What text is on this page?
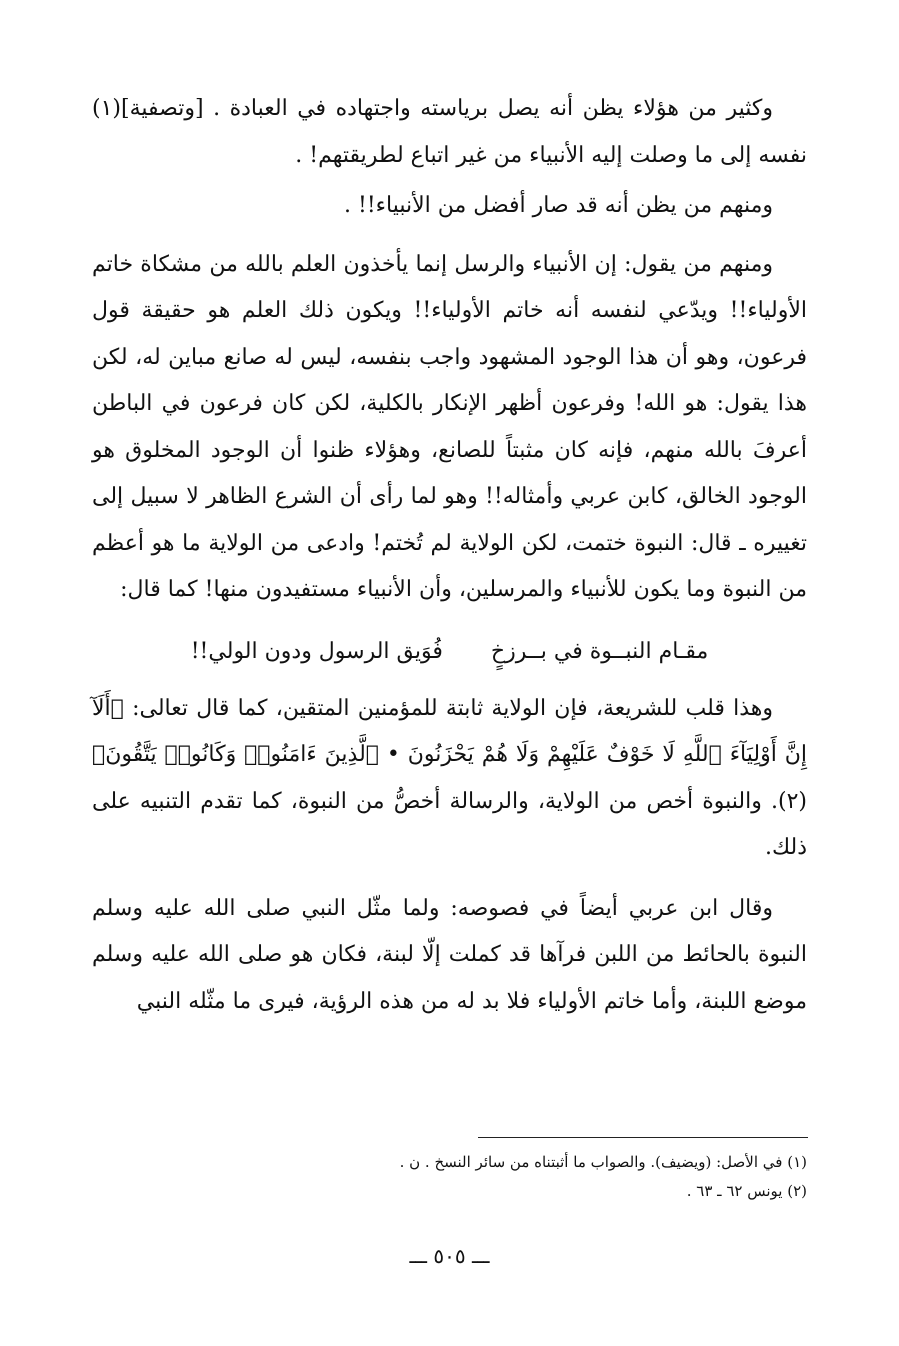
وكثير من هؤلاء يظن أنه يصل برياسته واجتهاده في العبادة . [وتصفية](١) نفسه إلى ما وصلت إليه الأنبياء من غير اتباع لطريقتهم! .

ومنهم من يظن أنه قد صار أفضل من الأنبياء!! .

ومنهم من يقول: إن الأنبياء والرسل إنما يأخذون العلم بالله من مشكاة خاتم الأولياء!! ويدّعي لنفسه أنه خاتم الأولياء!! ويكون ذلك العلم هو حقيقة قول فرعون، وهو أن هذا الوجود المشهود واجب بنفسه، ليس له صانع مباين له، لكن هذا يقول: هو الله! وفرعون أظهر الإنكار بالكلية، لكن كان فرعون في الباطن أعرفَ بالله منهم، فإنه كان مثبتاً للصانع، وهؤلاء ظنوا أن الوجود المخلوق هو الوجود الخالق، كابن عربي وأمثاله!! وهو لما رأى أن الشرع الظاهر لا سبيل إلى تغييره ـ قال: النبوة ختمت، لكن الولاية لم تُختم! وادعى من الولاية ما هو أعظم من النبوة وما يكون للأنبياء والمرسلين، وأن الأنبياء مستفيدون منها! كما قال:

مقـام النبــوة في بــرزخٍ
فُوَيق الرسول ودون الولي!!

وهذا قلب للشريعة، فإن الولاية ثابتة للمؤمنين المتقين، كما قال تعالى: ﴿أَلَآ إِنَّ أَوْلِيَآءَ ٱللَّهِ لَا خَوْفٌ عَلَيْهِمْ وَلَا هُمْ يَحْزَنُونَ • ٱلَّذِينَ ءَامَنُوا۟ وَكَانُوا۟ يَتَّقُونَ﴾(٢). والنبوة أخص من الولاية، والرسالة أخصُّ من النبوة، كما تقدم التنبيه على ذلك.

وقال ابن عربي أيضاً في فصوصه: ولما مثّل النبي صلى الله عليه وسلم النبوة بالحائط من اللبن فرآها قد كملت إلّا لبنة، فكان هو صلى الله عليه وسلم موضع اللبنة، وأما خاتم الأولياء فلا بد له من هذه الرؤية، فيرى ما مثّله النبي

(١) في الأصل: (ويضيف). والصواب ما أثبتناه من سائر النسخ . ن .

(٢) يونس ٦٢ ـ ٦٣ .

ـــ ٥٠٥ ـــ
